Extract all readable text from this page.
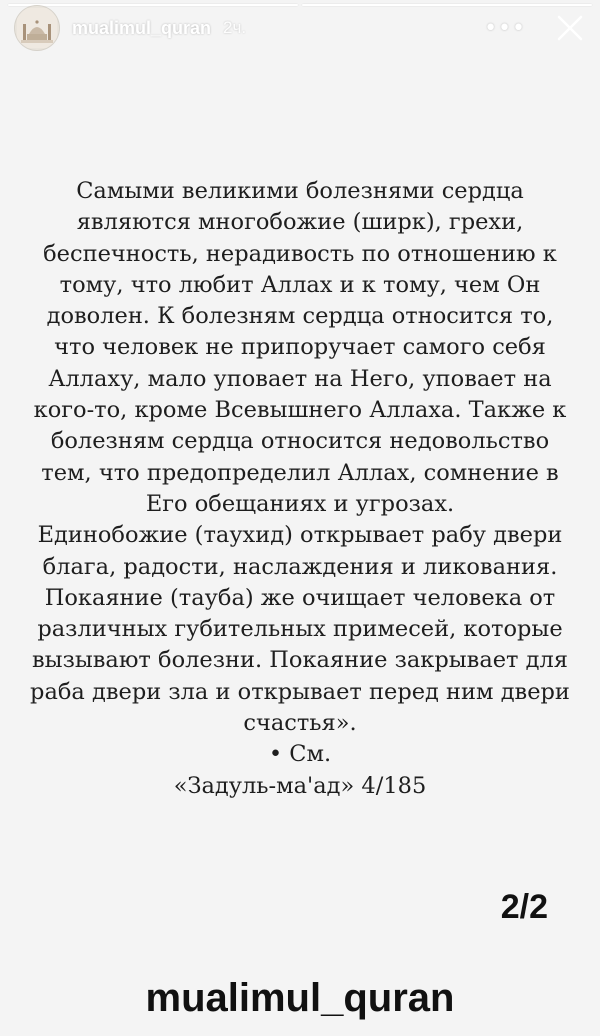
mualimul_quran 2ч.	•••

Самыми великими болезнями сердца являются многобожие (ширк), грехи, беспечность, нерадивость по отношению к тому, что любит Аллах и к тому, чем Он доволен. К болезням сердца относится то, что человек не припоручает самого себя Аллаху, мало уповает на Него, уповает на кого-то, кроме Всевышнего Аллаха. Также к болезням сердца относится недовольство тем, что предопределил Аллах, сомнение в Его обещаниях и угрозах.

Единобожие (таухид) открывает рабу двери блага, радости, наслаждения и ликования. Покаяние (тауба) же очищает человека от различных губительных примесей, которые вызывают болезни. Покаяние закрывает для раба двери зла и открывает перед ним двери счастья».

• См.

«Задуль-ма'ад» 4/185

2/2
mualimul_quran
